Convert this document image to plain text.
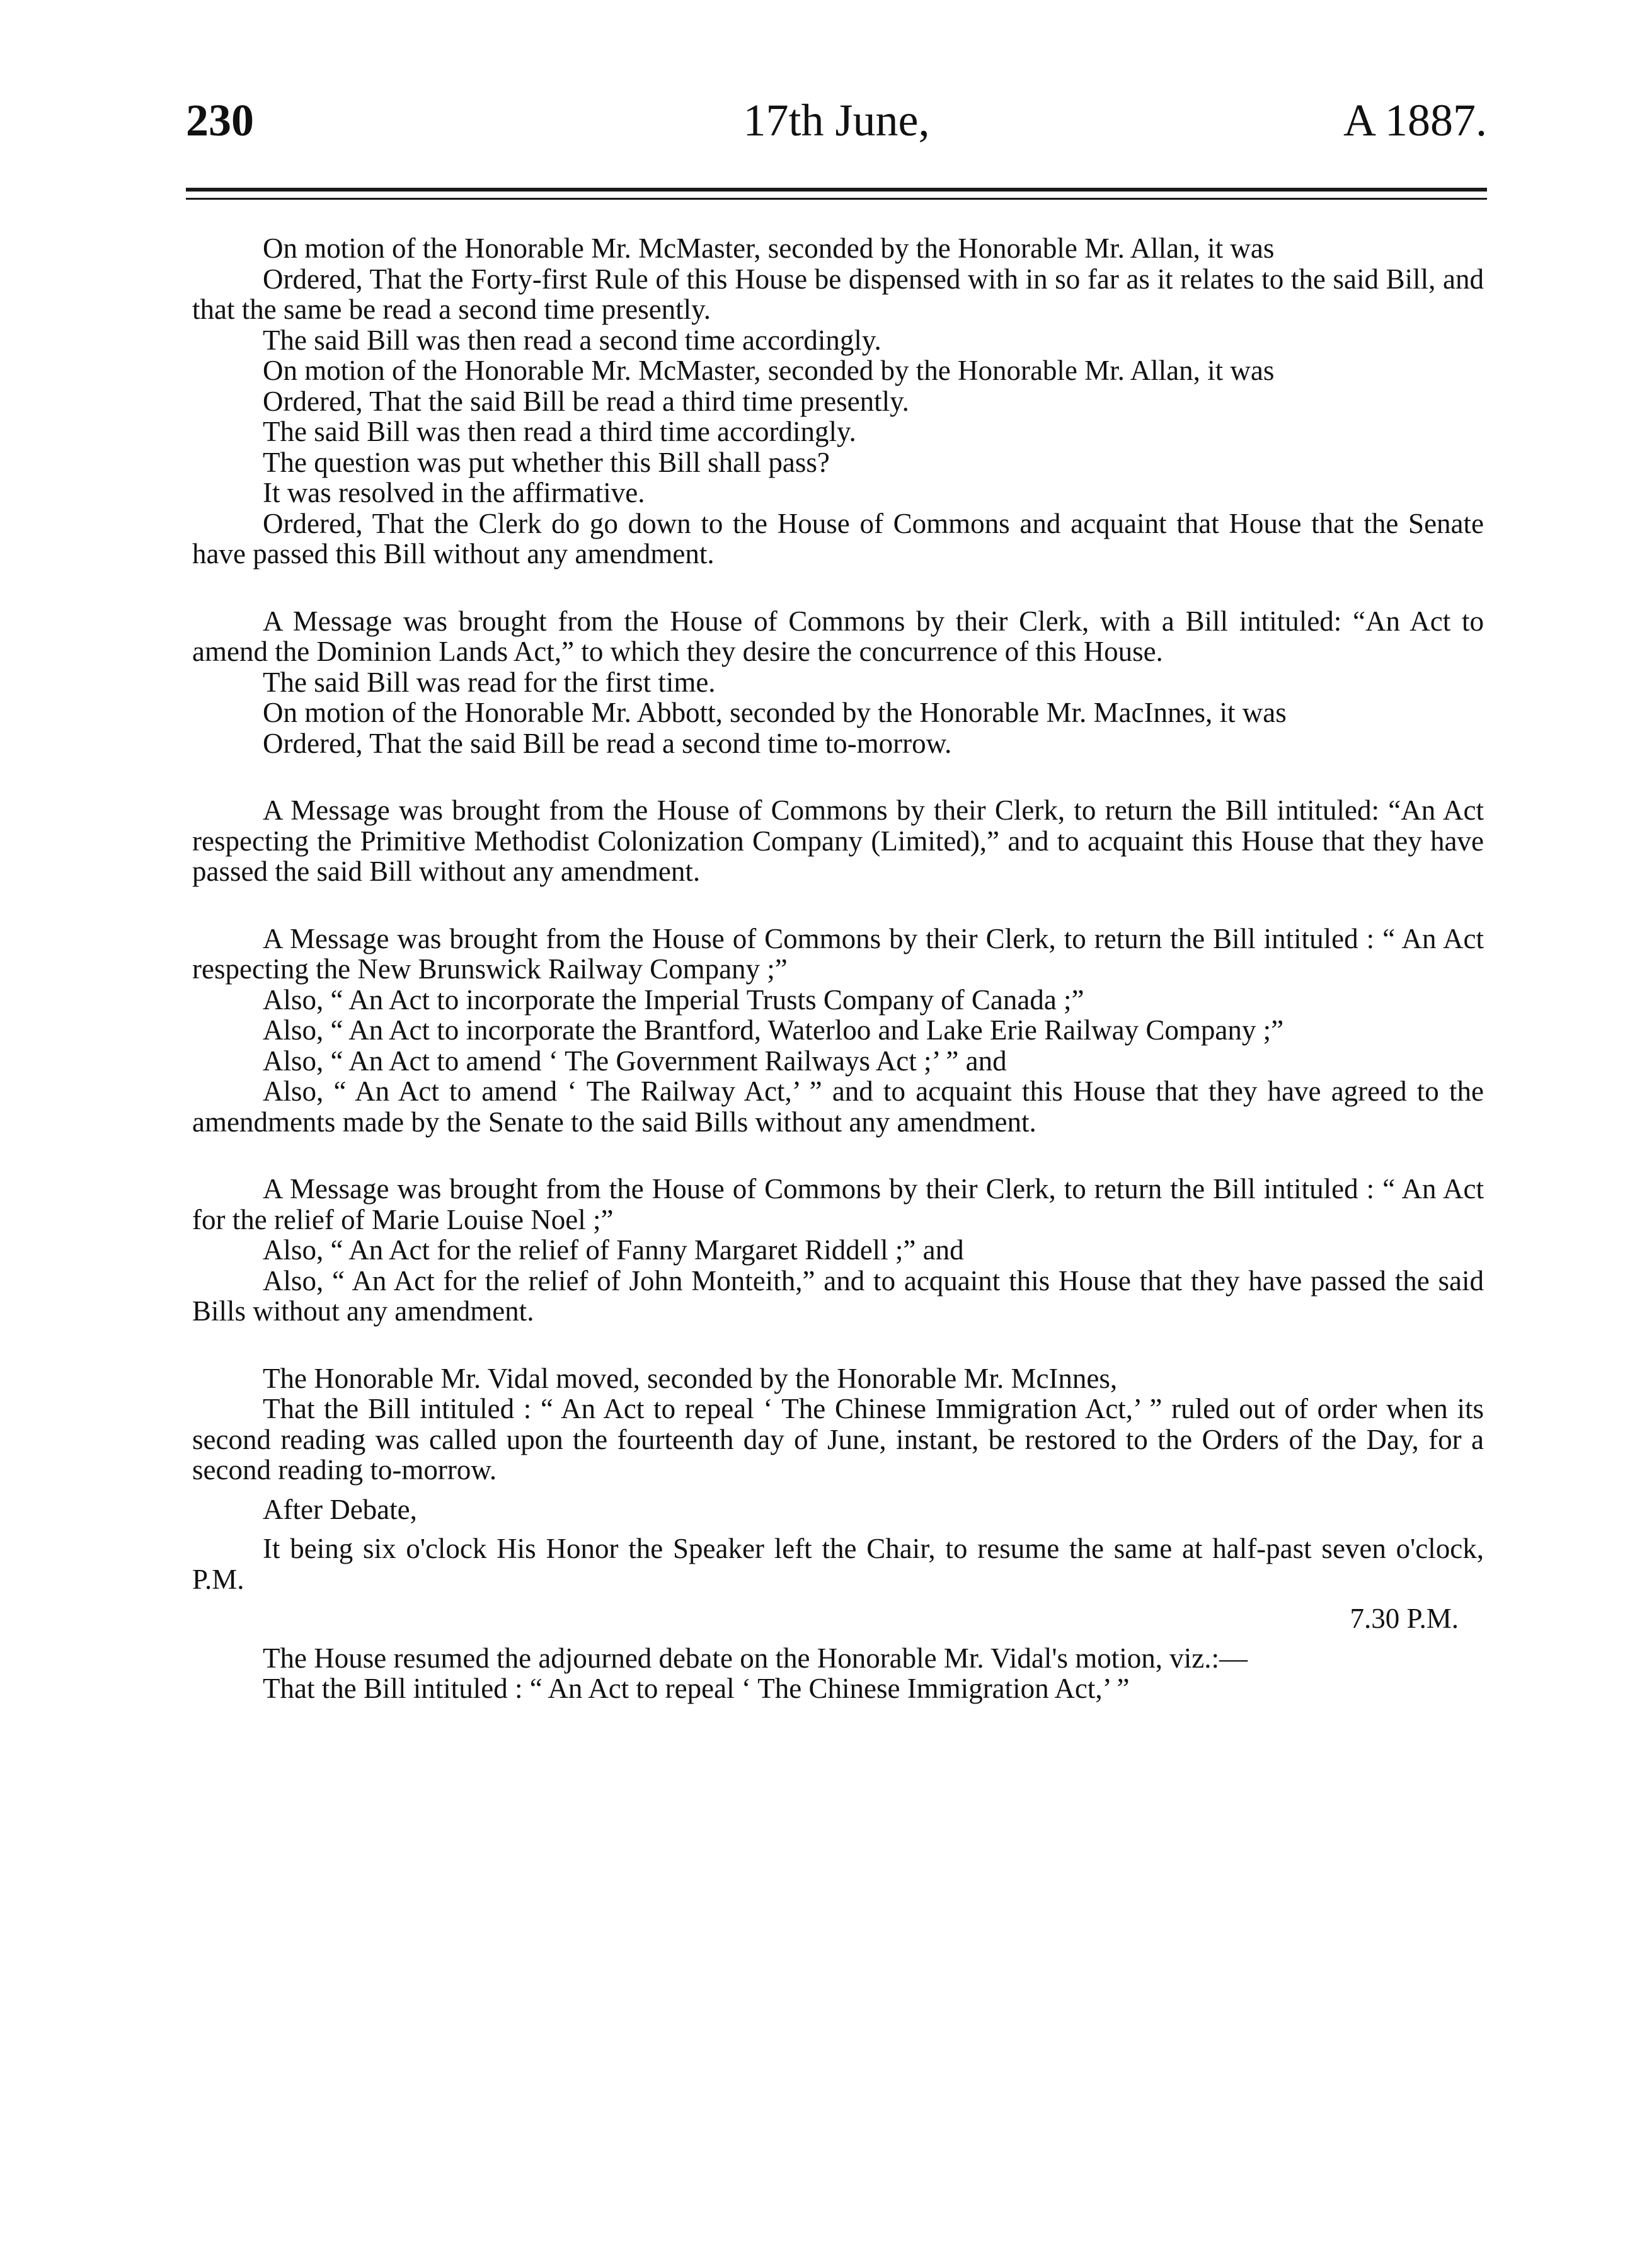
230	17th June,	A 1887.

On motion of the Honorable Mr. McMaster, seconded by the Honorable Mr. Allan, it was

Ordered, That the Forty-first Rule of this House be dispensed with in so far as it relates to the said Bill, and that the same be read a second time presently.

The said Bill was then read a second time accordingly.

On motion of the Honorable Mr. McMaster, seconded by the Honorable Mr. Allan, it was

Ordered, That the said Bill be read a third time presently.

The said Bill was then read a third time accordingly.

The question was put whether this Bill shall pass?

It was resolved in the affirmative.

Ordered, That the Clerk do go down to the House of Commons and acquaint that House that the Senate have passed this Bill without any amendment.

A Message was brought from the House of Commons by their Clerk, with a Bill intituled: “An Act to amend the Dominion Lands Act,” to which they desire the concurrence of this House.

The said Bill was read for the first time.

On motion of the Honorable Mr. Abbott, seconded by the Honorable Mr. MacInnes, it was

Ordered, That the said Bill be read a second time to-morrow.

A Message was brought from the House of Commons by their Clerk, to return the Bill intituled: “An Act respecting the Primitive Methodist Colonization Company (Limited),” and to acquaint this House that they have passed the said Bill without any amendment.

A Message was brought from the House of Commons by their Clerk, to return the Bill intituled : “ An Act respecting the New Brunswick Railway Company ;”

Also, “ An Act to incorporate the Imperial Trusts Company of Canada ;”

Also, “ An Act to incorporate the Brantford, Waterloo and Lake Erie Railway Company ;”

Also, “ An Act to amend ‘ The Government Railways Act ;’ ” and

Also, “ An Act to amend ‘ The Railway Act,’ ” and to acquaint this House that they have agreed to the amendments made by the Senate to the said Bills without any amendment.

A Message was brought from the House of Commons by their Clerk, to return the Bill intituled : “ An Act for the relief of Marie Louise Noel ;”

Also, “ An Act for the relief of Fanny Margaret Riddell ;” and

Also, “ An Act for the relief of John Monteith,” and to acquaint this House that they have passed the said Bills without any amendment.

The Honorable Mr. Vidal moved, seconded by the Honorable Mr. McInnes,

That the Bill intituled : “ An Act to repeal ‘ The Chinese Immigration Act,’ ” ruled out of order when its second reading was called upon the fourteenth day of June, instant, be restored to the Orders of the Day, for a second reading to-morrow.

After Debate,

It being six o'clock His Honor the Speaker left the Chair, to resume the same at half-past seven o'clock, P.M.

7.30 P.M.

The House resumed the adjourned debate on the Honorable Mr. Vidal's motion, viz.:—

That the Bill intituled : “ An Act to repeal ‘ The Chinese Immigration Act,’ ”
